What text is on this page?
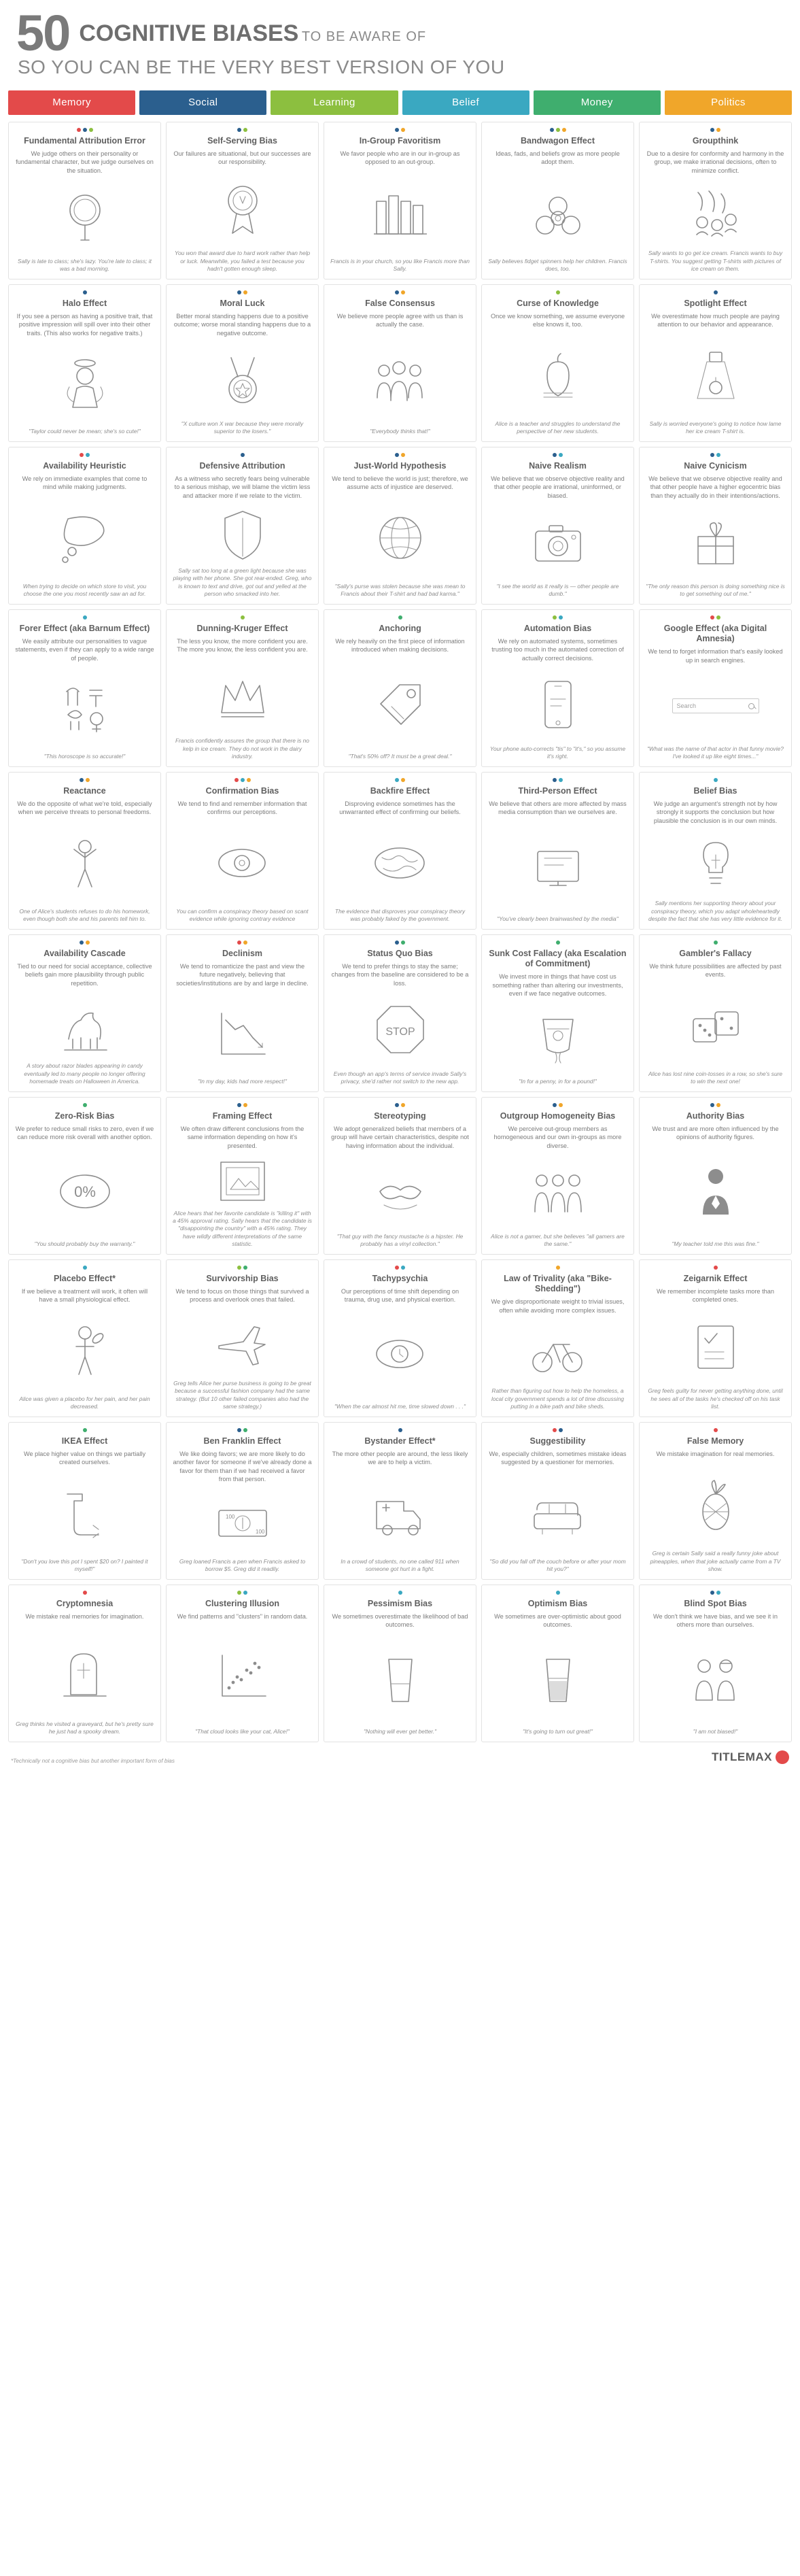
50 COGNITIVE BIASES TO BE AWARE OF
SO YOU CAN BE THE VERY BEST VERSION OF YOU
Memory	Social	Learning	Belief	Money	Politics
Fundamental Attribution Error
We judge others on their personality or fundamental character, but we judge ourselves on the situation.
Sally is late to class; she's lazy. You're late to class; it was a bad morning.
Self-Serving Bias
Our failures are situational, but our successes are our responsibility.
You won that award due to hard work rather than help or luck. Meanwhile, you failed a test because you hadn't gotten enough sleep.
In-Group Favoritism
We favor people who are in our in-group as opposed to an out-group.
Francis is in your church, so you like Francis more than Sally.
Bandwagon Effect
Ideas, fads, and beliefs grow as more people adopt them.
Sally believes fidget spinners help her children. Francis does, too.
Groupthink
Due to a desire for conformity and harmony in the group, we make irrational decisions, often to minimize conflict.
Sally wants to go get ice cream. Francis wants to buy T-shirts. You suggest getting T-shirts with pictures of ice cream on them.
Halo Effect
If you see a person as having a positive trait, that positive impression will spill over into their other traits. (This also works for negative traits.)
"Taylor could never be mean; she's so cute!"
Moral Luck
Better moral standing happens due to a positive outcome; worse moral standing happens due to a negative outcome.
"X culture won X war because they were morally superior to the losers."
False Consensus
We believe more people agree with us than is actually the case.
"Everybody thinks that!"
Curse of Knowledge
Once we know something, we assume everyone else knows it, too.
Alice is a teacher and struggles to understand the perspective of her new students.
Spotlight Effect
We overestimate how much people are paying attention to our behavior and appearance.
Sally is worried everyone's going to notice how lame her ice cream T-shirt is.
Availability Heuristic
We rely on immediate examples that come to mind while making judgments.
When trying to decide on which store to visit, you choose the one you most recently saw an ad for.
Defensive Attribution
As a witness who secretly fears being vulnerable to a serious mishap, we will blame the victim less and attacker more if we relate to the victim.
Sally sat too long at a green light because she was playing with her phone. She got rear-ended. Greg, who is known to text and drive, got out and yelled at the person who smacked into her.
Just-World Hypothesis
We tend to believe the world is just; therefore, we assume acts of injustice are deserved.
"Sally's purse was stolen because she was mean to Francis about their T-shirt and had bad karma."
Naive Realism
We believe that we observe objective reality and that other people are irrational, uninformed, or biased.
"I see the world as it really is — other people are dumb."
Naive Cynicism
We believe that we observe objective reality and that other people have a higher egocentric bias than they actually do in their intentions/actions.
"The only reason this person is doing something nice is to get something out of me."
Forer Effect (aka Barnum Effect)
We easily attribute our personalities to vague statements, even if they can apply to a wide range of people.
"This horoscope is so accurate!"
Dunning-Kruger Effect
The less you know, the more confident you are. The more you know, the less confident you are.
Francis confidently assures the group that there is no kelp in ice cream. They do not work in the dairy industry.
Anchoring
We rely heavily on the first piece of information introduced when making decisions.
"That's 50% off? It must be a great deal."
Automation Bias
We rely on automated systems, sometimes trusting too much in the automated correction of actually correct decisions.
Your phone auto-corrects "tis" to "it's," so you assume it's right.
Google Effect (aka Digital Amnesia)
We tend to forget information that's easily looked up in search engines.
Search
"What was the name of that actor in that funny movie? I've looked it up like eight times..."
Reactance
We do the opposite of what we're told, especially when we perceive threats to personal freedoms.
One of Alice's students refuses to do his homework, even though both she and his parents tell him to.
Confirmation Bias
We tend to find and remember information that confirms our perceptions.
You can confirm a conspiracy theory based on scant evidence while ignoring contrary evidence
Backfire Effect
Disproving evidence sometimes has the unwarranted effect of confirming our beliefs.
The evidence that disproves your conspiracy theory was probably faked by the government.
Third-Person Effect
We believe that others are more affected by mass media consumption than we ourselves are.
"You've clearly been brainwashed by the media"
Belief Bias
We judge an argument's strength not by how strongly it supports the conclusion but how plausible the conclusion is in our own minds.
Sally mentions her supporting theory about your conspiracy theory, which you adapt wholeheartedly despite the fact that she has very little evidence for it.
Availability Cascade
Tied to our need for social acceptance, collective beliefs gain more plausibility through public repetition.
A story about razor blades appearing in candy eventually led to many people no longer offering homemade treats on Halloween in America.
Declinism
We tend to romanticize the past and view the future negatively, believing that societies/institutions are by and large in decline.
"In my day, kids had more respect!"
Status Quo Bias
We tend to prefer things to stay the same; changes from the baseline are considered to be a loss.
STOP
Even though an app's terms of service invade Sally's privacy, she'd rather not switch to the new app.
Sunk Cost Fallacy (aka Escalation of Commitment)
We invest more in things that have cost us something rather than altering our investments, even if we face negative outcomes.
"In for a penny, in for a pound!"
Gambler's Fallacy
We think future possibilities are affected by past events.
Alice has lost nine coin-tosses in a row, so she's sure to win the next one!
Zero-Risk Bias
We prefer to reduce small risks to zero, even if we can reduce more risk overall with another option.
0%
"You should probably buy the warranty."
Framing Effect
We often draw different conclusions from the same information depending on how it's presented.
Alice hears that her favorite candidate is "killing it" with a 45% approval rating. Sally hears that the candidate is "disappointing the country" with a 45% rating. They have wildly different interpretations of the same statistic.
Stereotyping
We adopt generalized beliefs that members of a group will have certain characteristics, despite not having information about the individual.
"That guy with the fancy mustache is a hipster. He probably has a vinyl collection."
Outgroup Homogeneity Bias
We perceive out-group members as homogeneous and our own in-groups as more diverse.
Alice is not a gamer, but she believes "all gamers are the same."
Authority Bias
We trust and are more often influenced by the opinions of authority figures.
"My teacher told me this was fine."
Placebo Effect*
If we believe a treatment will work, it often will have a small physiological effect.
Alice was given a placebo for her pain, and her pain decreased.
Survivorship Bias
We tend to focus on those things that survived a process and overlook ones that failed.
Greg tells Alice her purse business is going to be great because a successful fashion company had the same strategy. (But 10 other failed companies also had the same strategy.)
Tachypsychia
Our perceptions of time shift depending on trauma, drug use, and physical exertion.
"When the car almost hit me, time slowed down . . ."
Law of Trivality (aka "Bike-Shedding")
We give disproportionate weight to trivial issues, often while avoiding more complex issues.
Rather than figuring out how to help the homeless, a local city government spends a lot of time discussing putting in a bike path and bike sheds.
Zeigarnik Effect
We remember incomplete tasks more than completed ones.
Greg feels guilty for never getting anything done, until he sees all of the tasks he's checked off on his task list.
IKEA Effect
We place higher value on things we partially created ourselves.
"Don't you love this pot I spent $20 on? I painted it myself!"
Ben Franklin Effect
We like doing favors; we are more likely to do another favor for someone if we've already done a favor for them than if we had received a favor from that person.
100
100
Greg loaned Francis a pen when Francis asked to borrow $5. Greg did it readily.
Bystander Effect*
The more other people are around, the less likely we are to help a victim.
In a crowd of students, no one called 911 when someone got hurt in a fight.
Suggestibility
We, especially children, sometimes mistake ideas suggested by a questioner for memories.
"So did you fall off the couch before or after your mom hit you?"
False Memory
We mistake imagination for real memories.
Greg is certain Sally said a really funny joke about pineapples, when that joke actually came from a TV show.
Cryptomnesia
We mistake real memories for imagination.
Greg thinks he visited a graveyard, but he's pretty sure he just had a spooky dream.
Clustering Illusion
We find patterns and "clusters" in random data.
"That cloud looks like your cat, Alice!"
Pessimism Bias
We sometimes overestimate the likelihood of bad outcomes.
"Nothing will ever get better."
Optimism Bias
We sometimes are over-optimistic about good outcomes.
"It's going to turn out great!"
Blind Spot Bias
We don't think we have bias, and we see it in others more than ourselves.
"I am not biased!"
*Technically not a cognitive bias but another important form of bias	TITLEMAX
